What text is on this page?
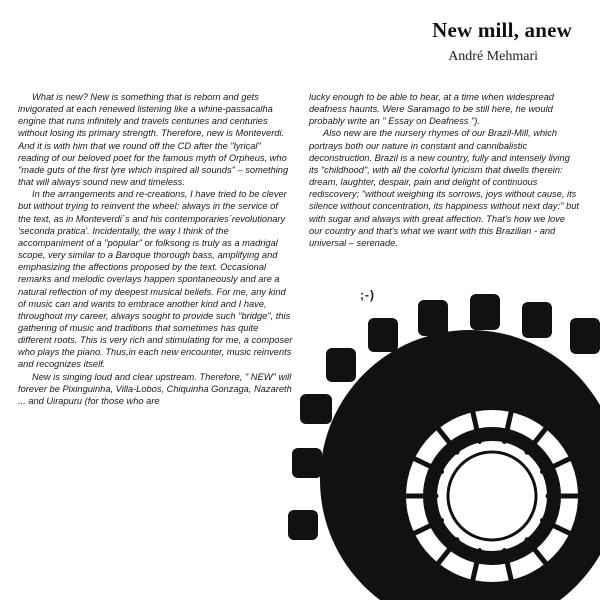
New mill, anew
André Mehmari

What is new? New is something that is reborn and gets invigorated at each renewed listening like a whine-passacalha engine that runs infinitely and travels centuries and centuries without losing its primary strength. Therefore, new is Monteverdi. And it is with him that we round off the CD after the "lyrical" reading of our beloved poet for the famous myth of Orpheus, who "made guts of the first lyre which inspired all sounds" – something that will always sound new and timeless.

In the arrangements and re-creations, I have tried to be clever but without trying to reinvent the wheel: always in the service of the text, as in Monteverdi´s and his contemporaries´revolutionary 'seconda pratica'. Incidentally, the way I think of the accompaniment of a "popular" or folksong is truly as a madrigal scope, very similar to a Baroque thorough bass, amplifying and emphasizing the affections proposed by the text. Occasional remarks and melodic overlays happen spontaneously and are a natural reflection of my deepest musical beliefs. For me, any kind of music can and wants to embrace another kind and I have, throughout my career, always sought to provide such "bridge", this gathering of music and traditions that sometimes has quite different roots. This is very rich and stimulating for me, a composer who plays the piano. Thus,in each new encounter, music reinvents and recognizes itself.

New is singing loud and clear upstream. Therefore, " NEW" will forever be Pixinguinha, Villa-Lobos, Chiquinha Gonzaga, Nazareth ... and Uirapuru (for those who are

lucky enough to be able to hear, at a time when widespread deafness haunts. Were Saramago to be still here, he would probably write an " Essay on Deafness ").

Also new are the nursery rhymes of our Brazil-Mill, which portrays both our nature in constant and cannibalistic deconstruction. Brazil is a new country, fully and intensely living its "childhood", with all the colorful lyricism that dwells therein: dream, laughter, despair, pain and delight of continuous rediscovery; "without weighing its sorrows, joys without cause, its silence without concentration, its happiness without next day:" but with sugar and always with great affection. That's how we love our country and that's what we want with this Brazilian - and universal – serenade.

;-)
